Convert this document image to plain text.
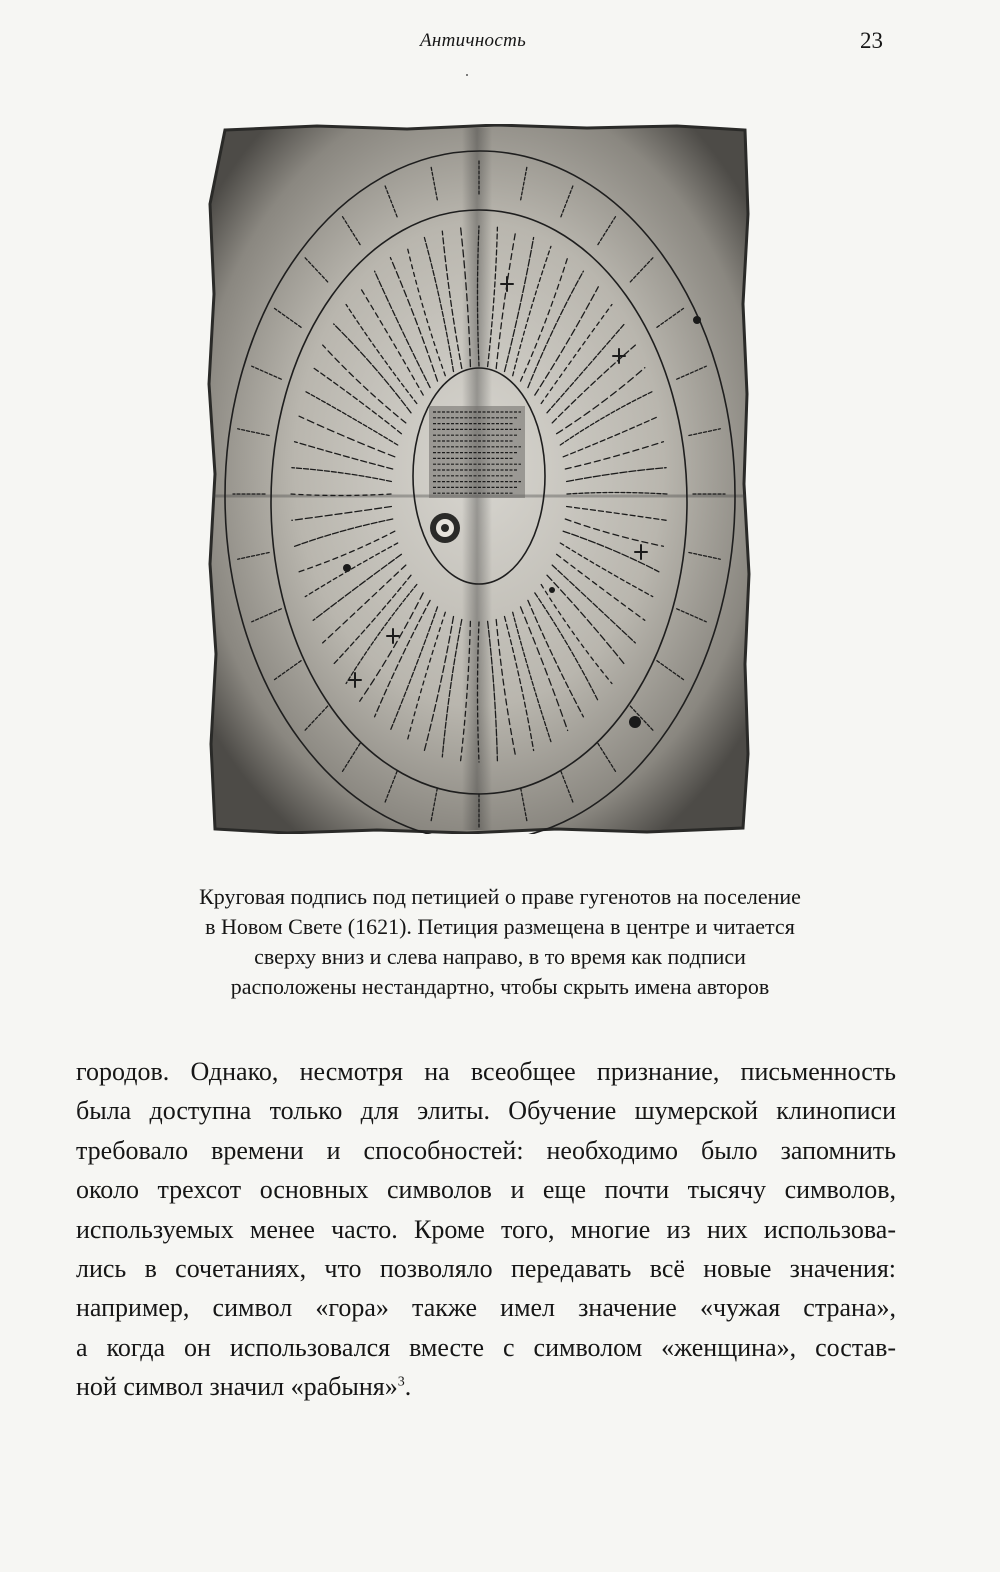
Античность	23
Круговая подпись под петицией о праве гугенотов на поселение
в Новом Свете (1621). Петиция размещена в центре и читается
сверху вниз и слева направо, в то время как подписи
расположены нестандартно, чтобы скрыть имена авторов
городов. Однако, несмотря на всеобщее признание, письменность
была доступна только для элиты. Обучение шумерской клинописи
требовало времени и способностей: необходимо было запомнить
около трехсот основных символов и еще почти тысячу символов,
используемых менее часто. Кроме того, многие из них использова-
лись в сочетаниях, что позволяло передавать всё новые значения:
например, символ «гора» также имел значение «чужая страна»,
а когда он использовался вместе с символом «женщина», состав-
ной символ значил «рабыня»$^3$.
